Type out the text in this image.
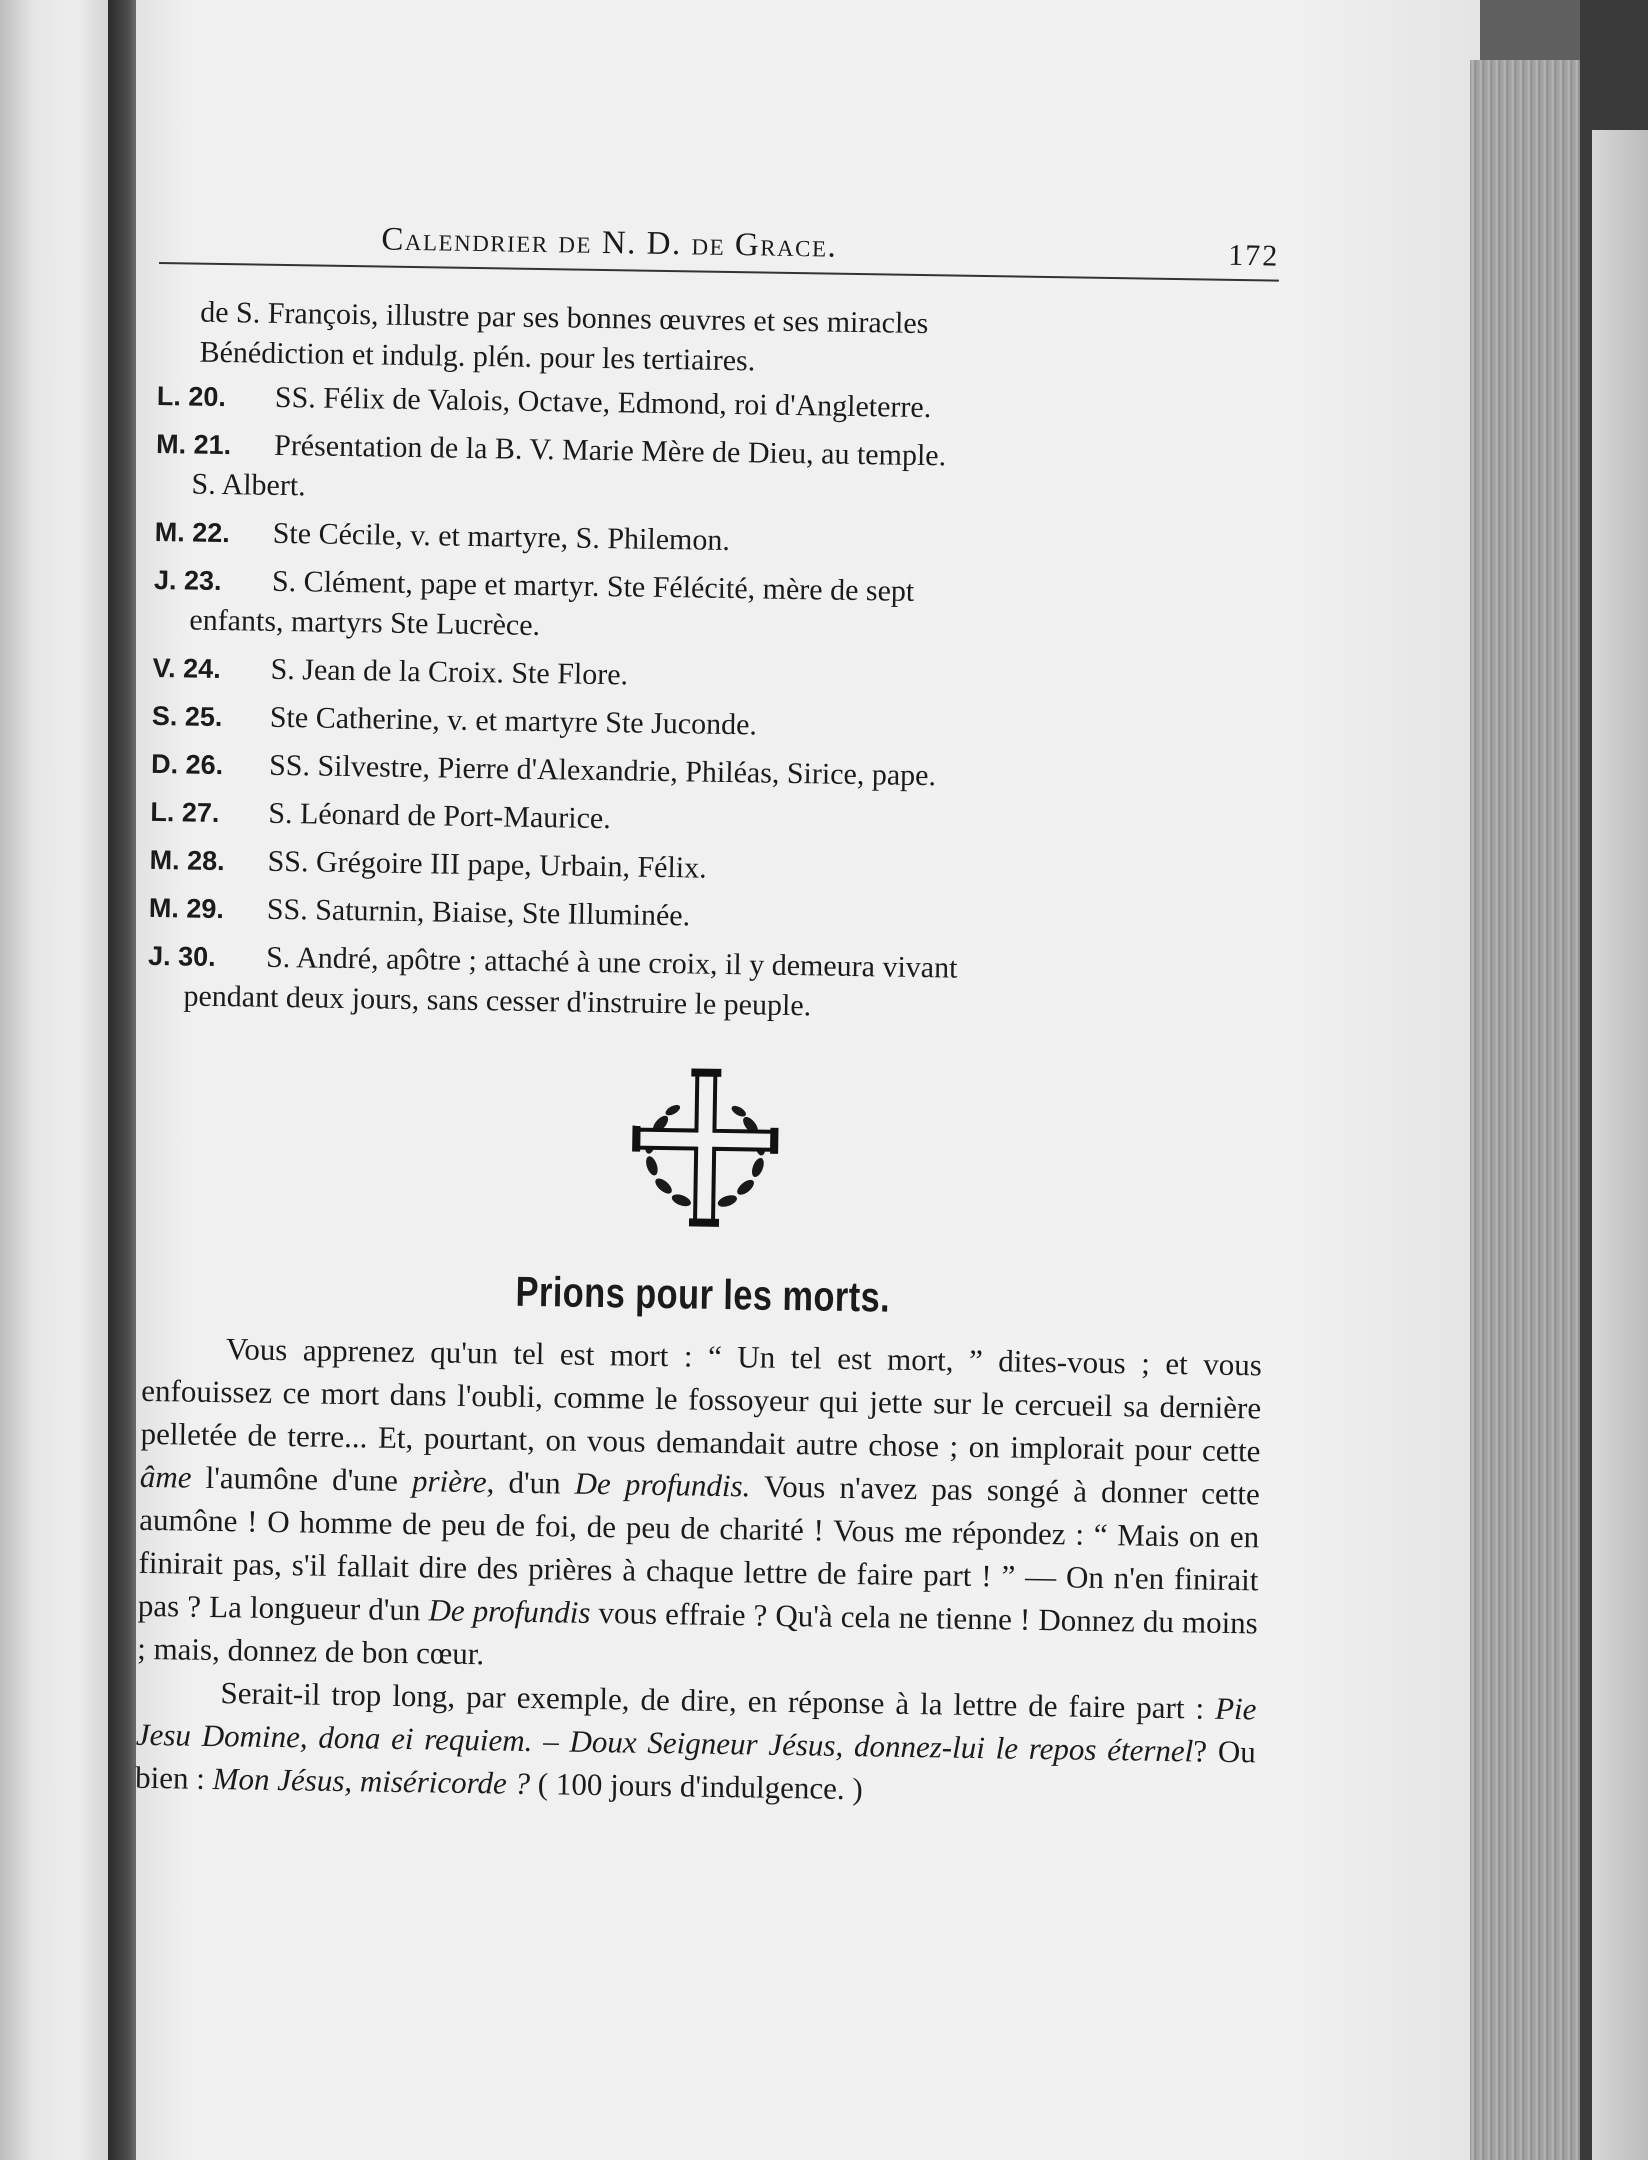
Calendrier de N. D. de Grace.	172
de S. François, illustre par ses bonnes œuvres et ses miracles
Bénédiction et indulg. plén. pour les tertiaires.
L. 20.	SS. Félix de Valois, Octave, Edmond, roi d'Angleterre.
M. 21.	Présentation de la B. V. Marie Mère de Dieu, au temple.
S. Albert.
M. 22.	Ste Cécile, v. et martyre, S. Philemon.
J. 23.	S. Clément, pape et martyr. Ste Félécité, mère de sept
enfants, martyrs Ste Lucrèce.
V. 24.	S. Jean de la Croix. Ste Flore.
S. 25.	Ste Catherine, v. et martyre Ste Juconde.
D. 26.	SS. Silvestre, Pierre d'Alexandrie, Philéas, Sirice, pape.
L. 27.	S. Léonard de Port-Maurice.
M. 28.	SS. Grégoire III pape, Urbain, Félix.
M. 29.	SS. Saturnin, Biaise, Ste Illuminée.
J. 30.	S. André, apôtre ; attaché à une croix, il y demeura vivant
pendant deux jours, sans cesser d'instruire le peuple.
Prions pour les morts.

Vous apprenez qu'un tel est mort : “ Un tel est mort, ” dites-vous ; et vous enfouissez ce mort dans l'oubli, comme le fossoyeur qui jette sur le cercueil sa dernière pelletée de terre... Et, pourtant, on vous demandait autre chose ; on implorait pour cette âme l'aumône d'une prière, d'un De profundis. Vous n'avez pas songé à donner cette aumône ! O homme de peu de foi, de peu de charité ! Vous me répondez : “ Mais on en finirait pas, s'il fallait dire des prières à chaque lettre de faire part ! ” — On n'en finirait pas ? La longueur d'un De profundis vous effraie ? Qu'à cela ne tienne ! Donnez du moins ; mais, donnez de bon cœur.

Serait-il trop long, par exemple, de dire, en réponse à la lettre de faire part : Pie Jesu Domine, dona ei requiem. – Doux Seigneur Jésus, donnez-lui le repos éternel? Ou bien : Mon Jésus, miséricorde ? ( 100 jours d'indulgence. )
